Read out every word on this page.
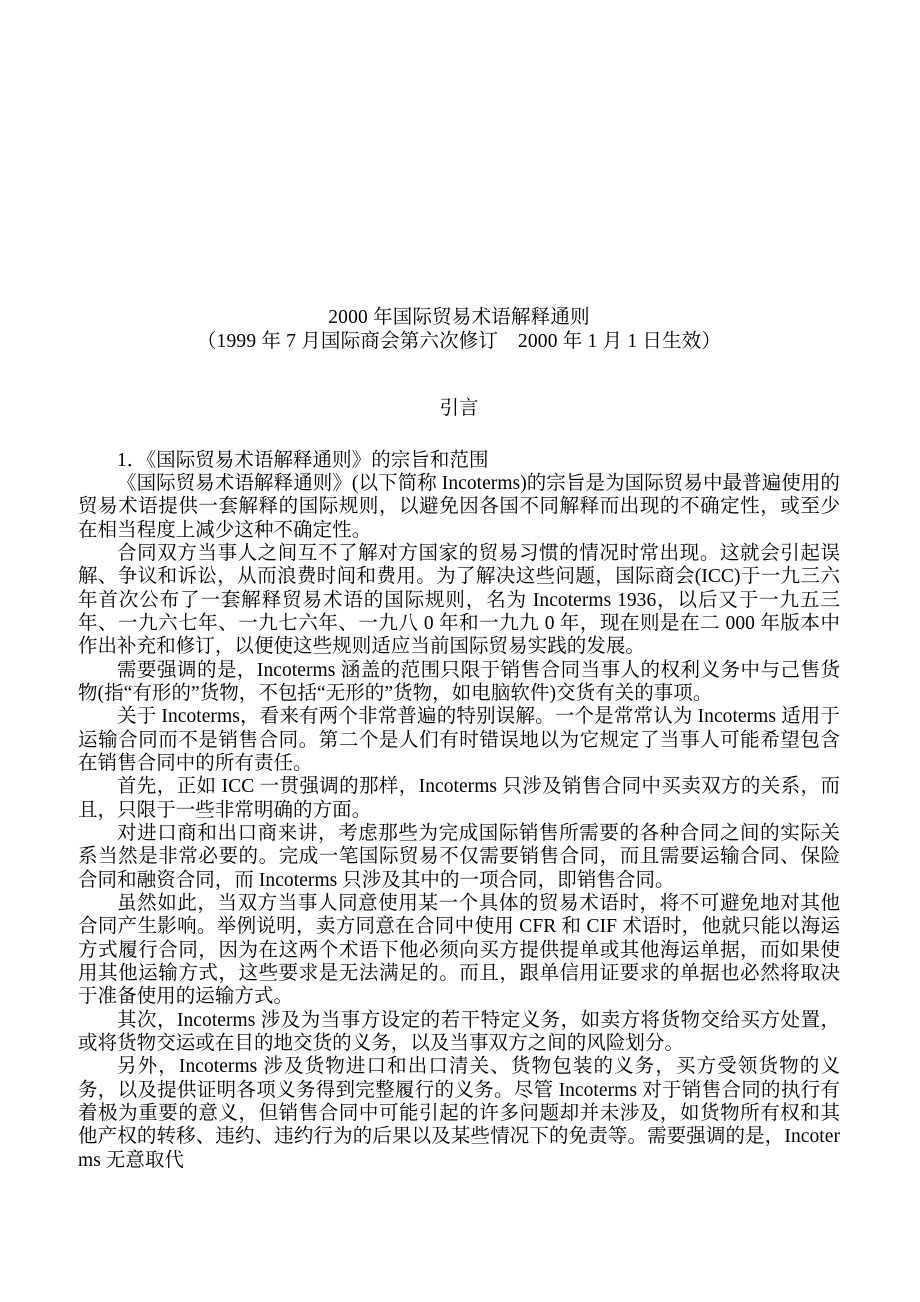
2000 年国际贸易术语解释通则
（1999 年 7 月国际商会第六次修订　2000 年 1 月 1 日生效）
引言

1．《国际贸易术语解释通则》的宗旨和范围

《国际贸易术语解释通则》(以下简称 Incoterms)的宗旨是为国际贸易中最普遍使用的贸易术语提供一套解释的国际规则，以避免因各国不同解释而出现的不确定性，或至少在相当程度上减少这种不确定性。

合同双方当事人之间互不了解对方国家的贸易习惯的情况时常出现。这就会引起误解、争议和诉讼，从而浪费时间和费用。为了解决这些问题，国际商会(ICC)于一九三六年首次公布了一套解释贸易术语的国际规则，名为 Incoterms 1936，以后又于一九五三年、一九六七年、一九七六年、一九八 0 年和一九九 0 年，现在则是在二 000 年版本中作出补充和修订，以便使这些规则适应当前国际贸易实践的发展。

需要强调的是，Incoterms 涵盖的范围只限于销售合同当事人的权利义务中与己售货物(指“有形的”货物，不包括“无形的”货物，如电脑软件)交货有关的事项。

关于 Incoterms，看来有两个非常普遍的特别误解。一个是常常认为 Incoterms 适用于运输合同而不是销售合同。第二个是人们有时错误地以为它规定了当事人可能希望包含在销售合同中的所有责任。

首先，正如 ICC 一贯强调的那样，Incoterms 只涉及销售合同中买卖双方的关系，而且，只限于一些非常明确的方面。

对进口商和出口商来讲，考虑那些为完成国际销售所需要的各种合同之间的实际关系当然是非常必要的。完成一笔国际贸易不仅需要销售合同，而且需要运输合同、保险合同和融资合同，而 Incoterms 只涉及其中的一项合同，即销售合同。

虽然如此，当双方当事人同意使用某一个具体的贸易术语时，将不可避免地对其他合同产生影响。举例说明，卖方同意在合同中使用 CFR 和 CIF 术语时，他就只能以海运方式履行合同，因为在这两个术语下他必须向买方提供提单或其他海运单据，而如果使用其他运输方式，这些要求是无法满足的。而且，跟单信用证要求的单据也必然将取决于准备使用的运输方式。

其次，Incoterms 涉及为当事方设定的若干特定义务，如卖方将货物交给买方处置，或将货物交运或在目的地交货的义务，以及当事双方之间的风险划分。

另外，Incoterms 涉及货物进口和出口清关、货物包装的义务，买方受领货物的义务，以及提供证明各项义务得到完整履行的义务。尽管 Incoterms 对于销售合同的执行有着极为重要的意义，但销售合同中可能引起的许多问题却并未涉及，如货物所有权和其他产权的转移、违约、违约行为的后果以及某些情况下的免责等。需要强调的是，Incoterms 无意取代
